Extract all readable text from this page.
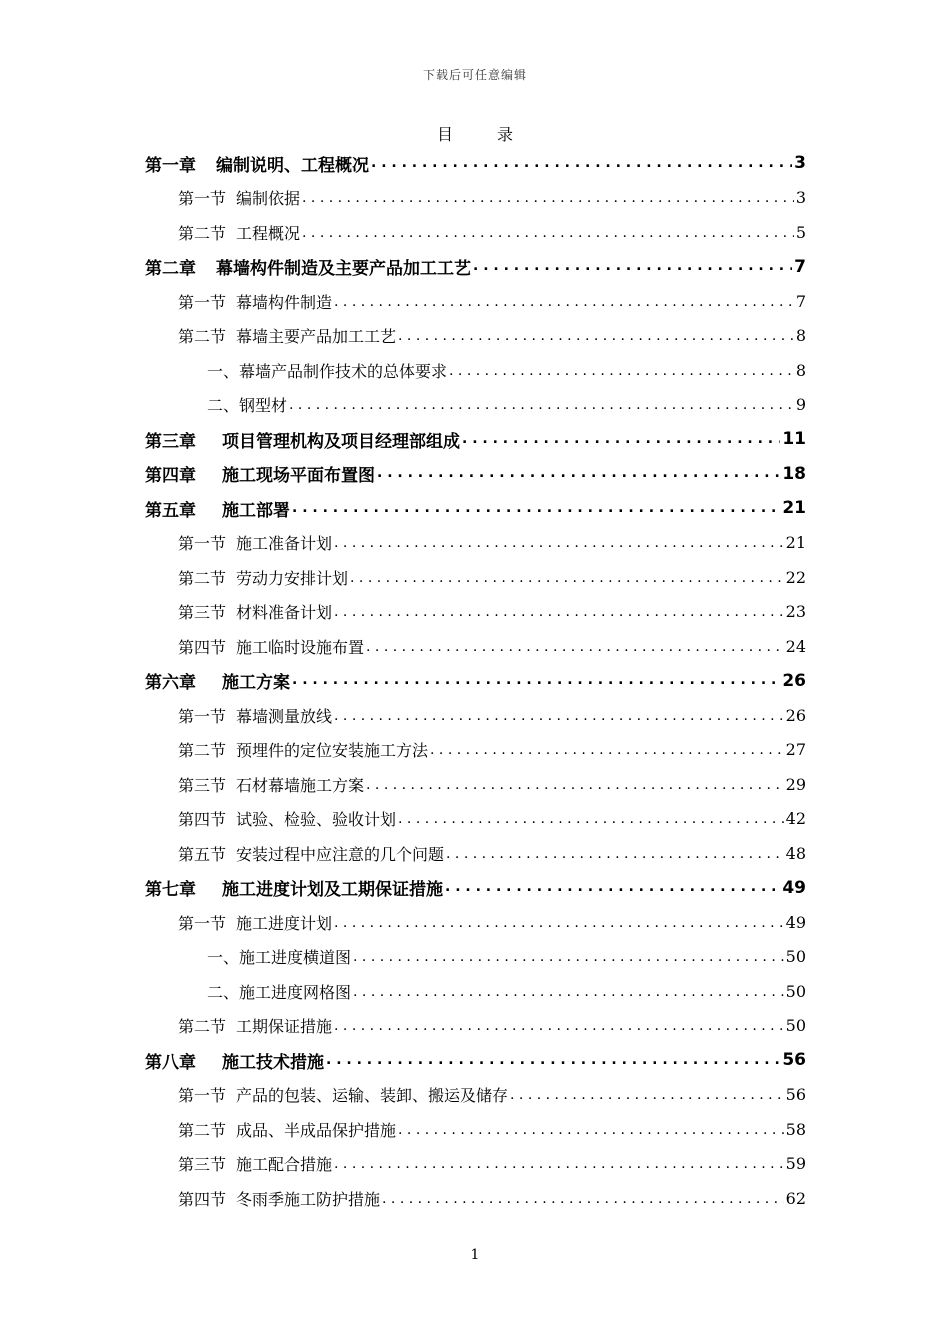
下载后可任意编辑
目录
第一章 编制说明、工程概况 . . .	3
第一节 编制依据 . . .	3
第二节 工程概况 . . .	5
第二章 幕墙构件制造及主要产品加工工艺 . . .	7
第一节 幕墙构件制造 . . .	7
第二节 幕墙主要产品加工工艺 . . .	8
一、幕墙产品制作技术的总体要求 . . .	8
二、钢型材 . . .	9
第三章 项目管理机构及项目经理部组成 . . .	11
第四章 施工现场平面布置图 . . .	18
第五章 施工部署 . . .	21
第一节 施工准备计划 . . .	21
第二节 劳动力安排计划 . . .	22
第三节 材料准备计划 . . .	23
第四节 施工临时设施布置 . . .	24
第六章 施工方案 . . .	26
第一节 幕墙测量放线 . . .	26
第二节 预埋件的定位安装施工方法 . . .	27
第三节 石材幕墙施工方案 . . .	29
第四节 试验、检验、验收计划 . . .	42
第五节 安装过程中应注意的几个问题 . . .	48
第七章 施工进度计划及工期保证措施 . . .	49
第一节 施工进度计划 . . .	49
一、施工进度横道图 . . .	50
二、施工进度网格图 . . .	50
第二节 工期保证措施 . . .	50
第八章 施工技术措施 . . .	56
第一节 产品的包装、运输、装卸、搬运及储存 . . .	56
第二节 成品、半成品保护措施 . . .	58
第三节 施工配合措施 . . .	59
第四节 冬雨季施工防护措施 . . .	62
1
